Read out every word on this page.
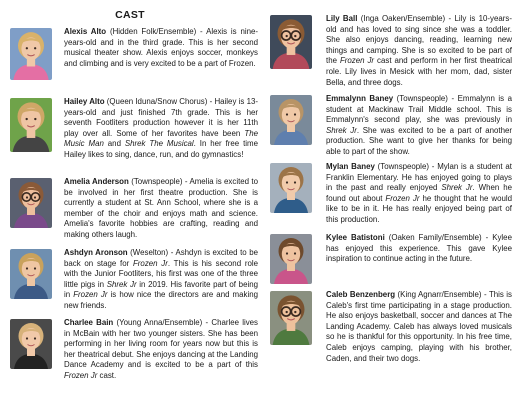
CAST
Alexis Alto (Hidden Folk/Ensemble) - Alexis is nine-years-old and in the third grade. This is her second musical theater show. Alexis enjoys soccer, monkeys and climbing and is very excited to be a part of Frozen.
Hailey Alto (Queen Iduna/Snow Chorus) - Hailey is 13-years-old and just finished 7th grade. This is her seventh Footliters production however it is her 11th play over all. Some of her favorites have been The Music Man and Shrek The Musical. In her free time Hailey likes to sing, dance, run, and do gymnastics!
Amelia Anderson (Townspeople) - Amelia is excited to be involved in her first theatre production. She is currently a student at St. Ann School, where she is a member of the choir and enjoys math and science. Amelia's favorite hobbies are crafting, reading and making others laugh.
Ashdyn Aronson (Weselton) - Ashdyn is excited to be back on stage for Frozen Jr. This is his second role with the Junior Footliters, his first was one of the three little pigs in Shrek Jr in 2019. His favorite part of being in Frozen Jr is how nice the directors are and making new friends.
Charlee Bain (Young Anna/Ensemble) - Charlee lives in McBain with her two younger sisters. She has been performing in her living room for years now but this is her theatrical debut. She enjoys dancing at the Landing Dance Academy and is excited to be a part of this Frozen Jr cast.
Lily Ball (Inga Oaken/Ensemble) - Lily is 10-years-old and has loved to sing since she was a toddler. She also enjoys dancing, reading, learning new things and camping. She is so excited to be part of the Frozen Jr cast and perform in her first theatrical role. Lily lives in Mesick with her mom, dad, sister Bella, and three dogs.
Emmalynn Baney (Townspeople) - Emmalynn is a student at Mackinaw Trail Middle school. This is Emmalynn's second play, she was previously in Shrek Jr. She was excited to be a part of another production. She want to give her thanks for being able to part of the show.
Mylan Baney (Townspeople) - Mylan is a student at Franklin Elementary. He has enjoyed going to plays in the past and really enjoyed Shrek Jr. When he found out about Frozen Jr he thought that he would like to be in it. He has really enjoyed being part of this production.
Kylee Batistoni (Oaken Family/Ensemble) - Kylee has enjoyed this experience. This gave Kylee inspiration to continue acting in the future.
Caleb Benzenberg (King Agnarr/Ensemble) - This is Caleb's first time participating in a stage production. He also enjoys basketball, soccer and dances at The Landing Academy. Caleb has always loved musicals so he is thankful for this opportunity. In his free time, Caleb enjoys camping, playing with his brother, Caden, and their two dogs.
